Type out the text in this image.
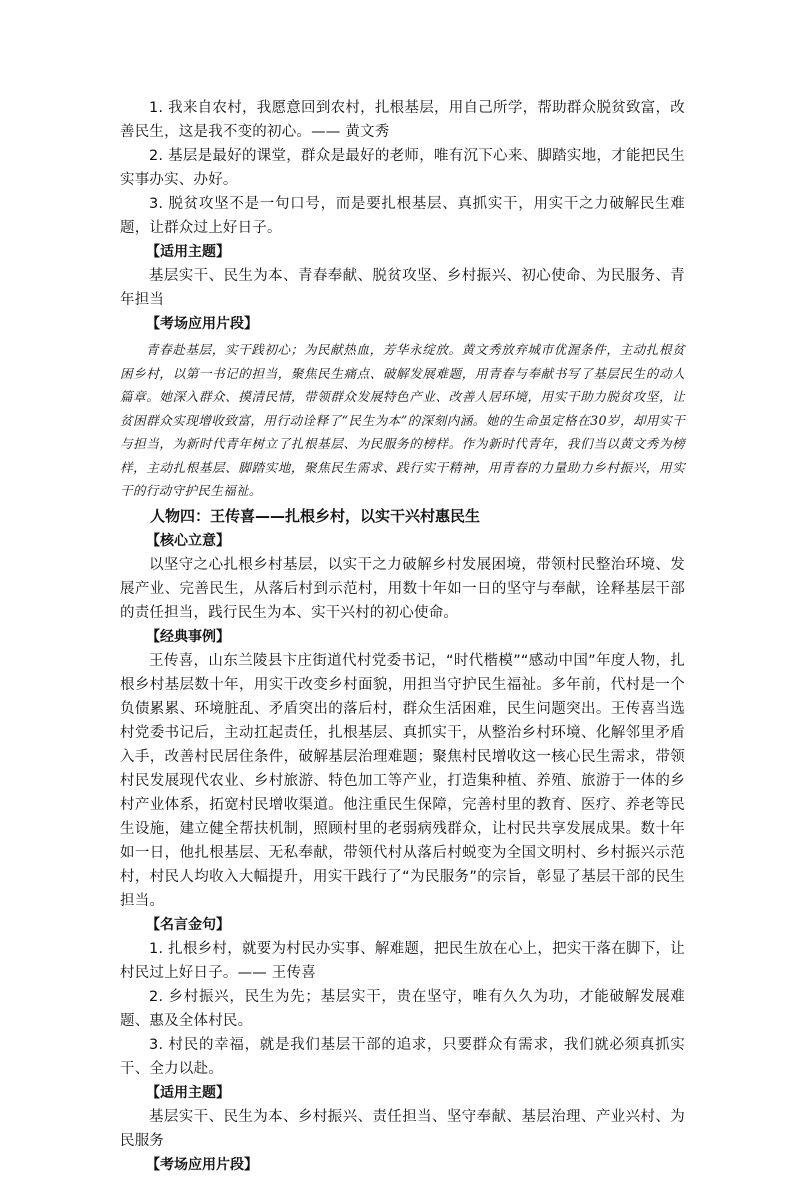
1. 我来自农村，我愿意回到农村，扎根基层，用自己所学，帮助群众脱贫致富，改善民生，这是我不变的初心。—— 黄文秀

2. 基层是最好的课堂，群众是最好的老师，唯有沉下心来、脚踏实地，才能把民生实事办实、办好。

3. 脱贫攻坚不是一句口号，而是要扎根基层、真抓实干，用实干之力破解民生难题，让群众过上好日子。

【适用主题】

基层实干、民生为本、青春奉献、脱贫攻坚、乡村振兴、初心使命、为民服务、青年担当

【考场应用片段】

青春赴基层，实干践初心；为民献热血，芳华永绽放。黄文秀放弃城市优渥条件，主动扎根贫困乡村，以第一书记的担当，聚焦民生痛点、破解发展难题，用青春与奉献书写了基层民生的动人篇章。她深入群众、摸清民情，带领群众发展特色产业、改善人居环境，用实干助力脱贫攻坚，让贫困群众实现增收致富，用行动诠释了“民生为本”的深刻内涵。她的生命虽定格在30岁，却用实干与担当，为新时代青年树立了扎根基层、为民服务的榜样。作为新时代青年，我们当以黄文秀为榜样，主动扎根基层、脚踏实地，聚焦民生需求、践行实干精神，用青春的力量助力乡村振兴，用实干的行动守护民生福祉。

人物四：王传喜——扎根乡村，以实干兴村惠民生

【核心立意】

以坚守之心扎根乡村基层，以实干之力破解乡村发展困境，带领村民整治环境、发展产业、完善民生，从落后村到示范村，用数十年如一日的坚守与奉献，诠释基层干部的责任担当，践行民生为本、实干兴村的初心使命。

【经典事例】

王传喜，山东兰陵县卞庄街道代村党委书记，“时代楷模”“感动中国”年度人物，扎根乡村基层数十年，用实干改变乡村面貌，用担当守护民生福祉。多年前，代村是一个负债累累、环境脏乱、矛盾突出的落后村，群众生活困难，民生问题突出。王传喜当选村党委书记后，主动扛起责任，扎根基层、真抓实干，从整治乡村环境、化解邻里矛盾入手，改善村民居住条件，破解基层治理难题；聚焦村民增收这一核心民生需求，带领村民发展现代农业、乡村旅游、特色加工等产业，打造集种植、养殖、旅游于一体的乡村产业体系，拓宽村民增收渠道。他注重民生保障，完善村里的教育、医疗、养老等民生设施，建立健全帮扶机制，照顾村里的老弱病残群众，让村民共享发展成果。数十年如一日，他扎根基层、无私奉献，带领代村从落后村蜕变为全国文明村、乡村振兴示范村，村民人均收入大幅提升，用实干践行了“为民服务”的宗旨，彰显了基层干部的民生担当。

【名言金句】

1. 扎根乡村，就要为村民办实事、解难题，把民生放在心上，把实干落在脚下，让村民过上好日子。—— 王传喜

2. 乡村振兴，民生为先；基层实干，贵在坚守，唯有久久为功，才能破解发展难题、惠及全体村民。

3. 村民的幸福，就是我们基层干部的追求，只要群众有需求，我们就必须真抓实干、全力以赴。

【适用主题】

基层实干、民生为本、乡村振兴、责任担当、坚守奉献、基层治理、产业兴村、为民服务

【考场应用片段】
